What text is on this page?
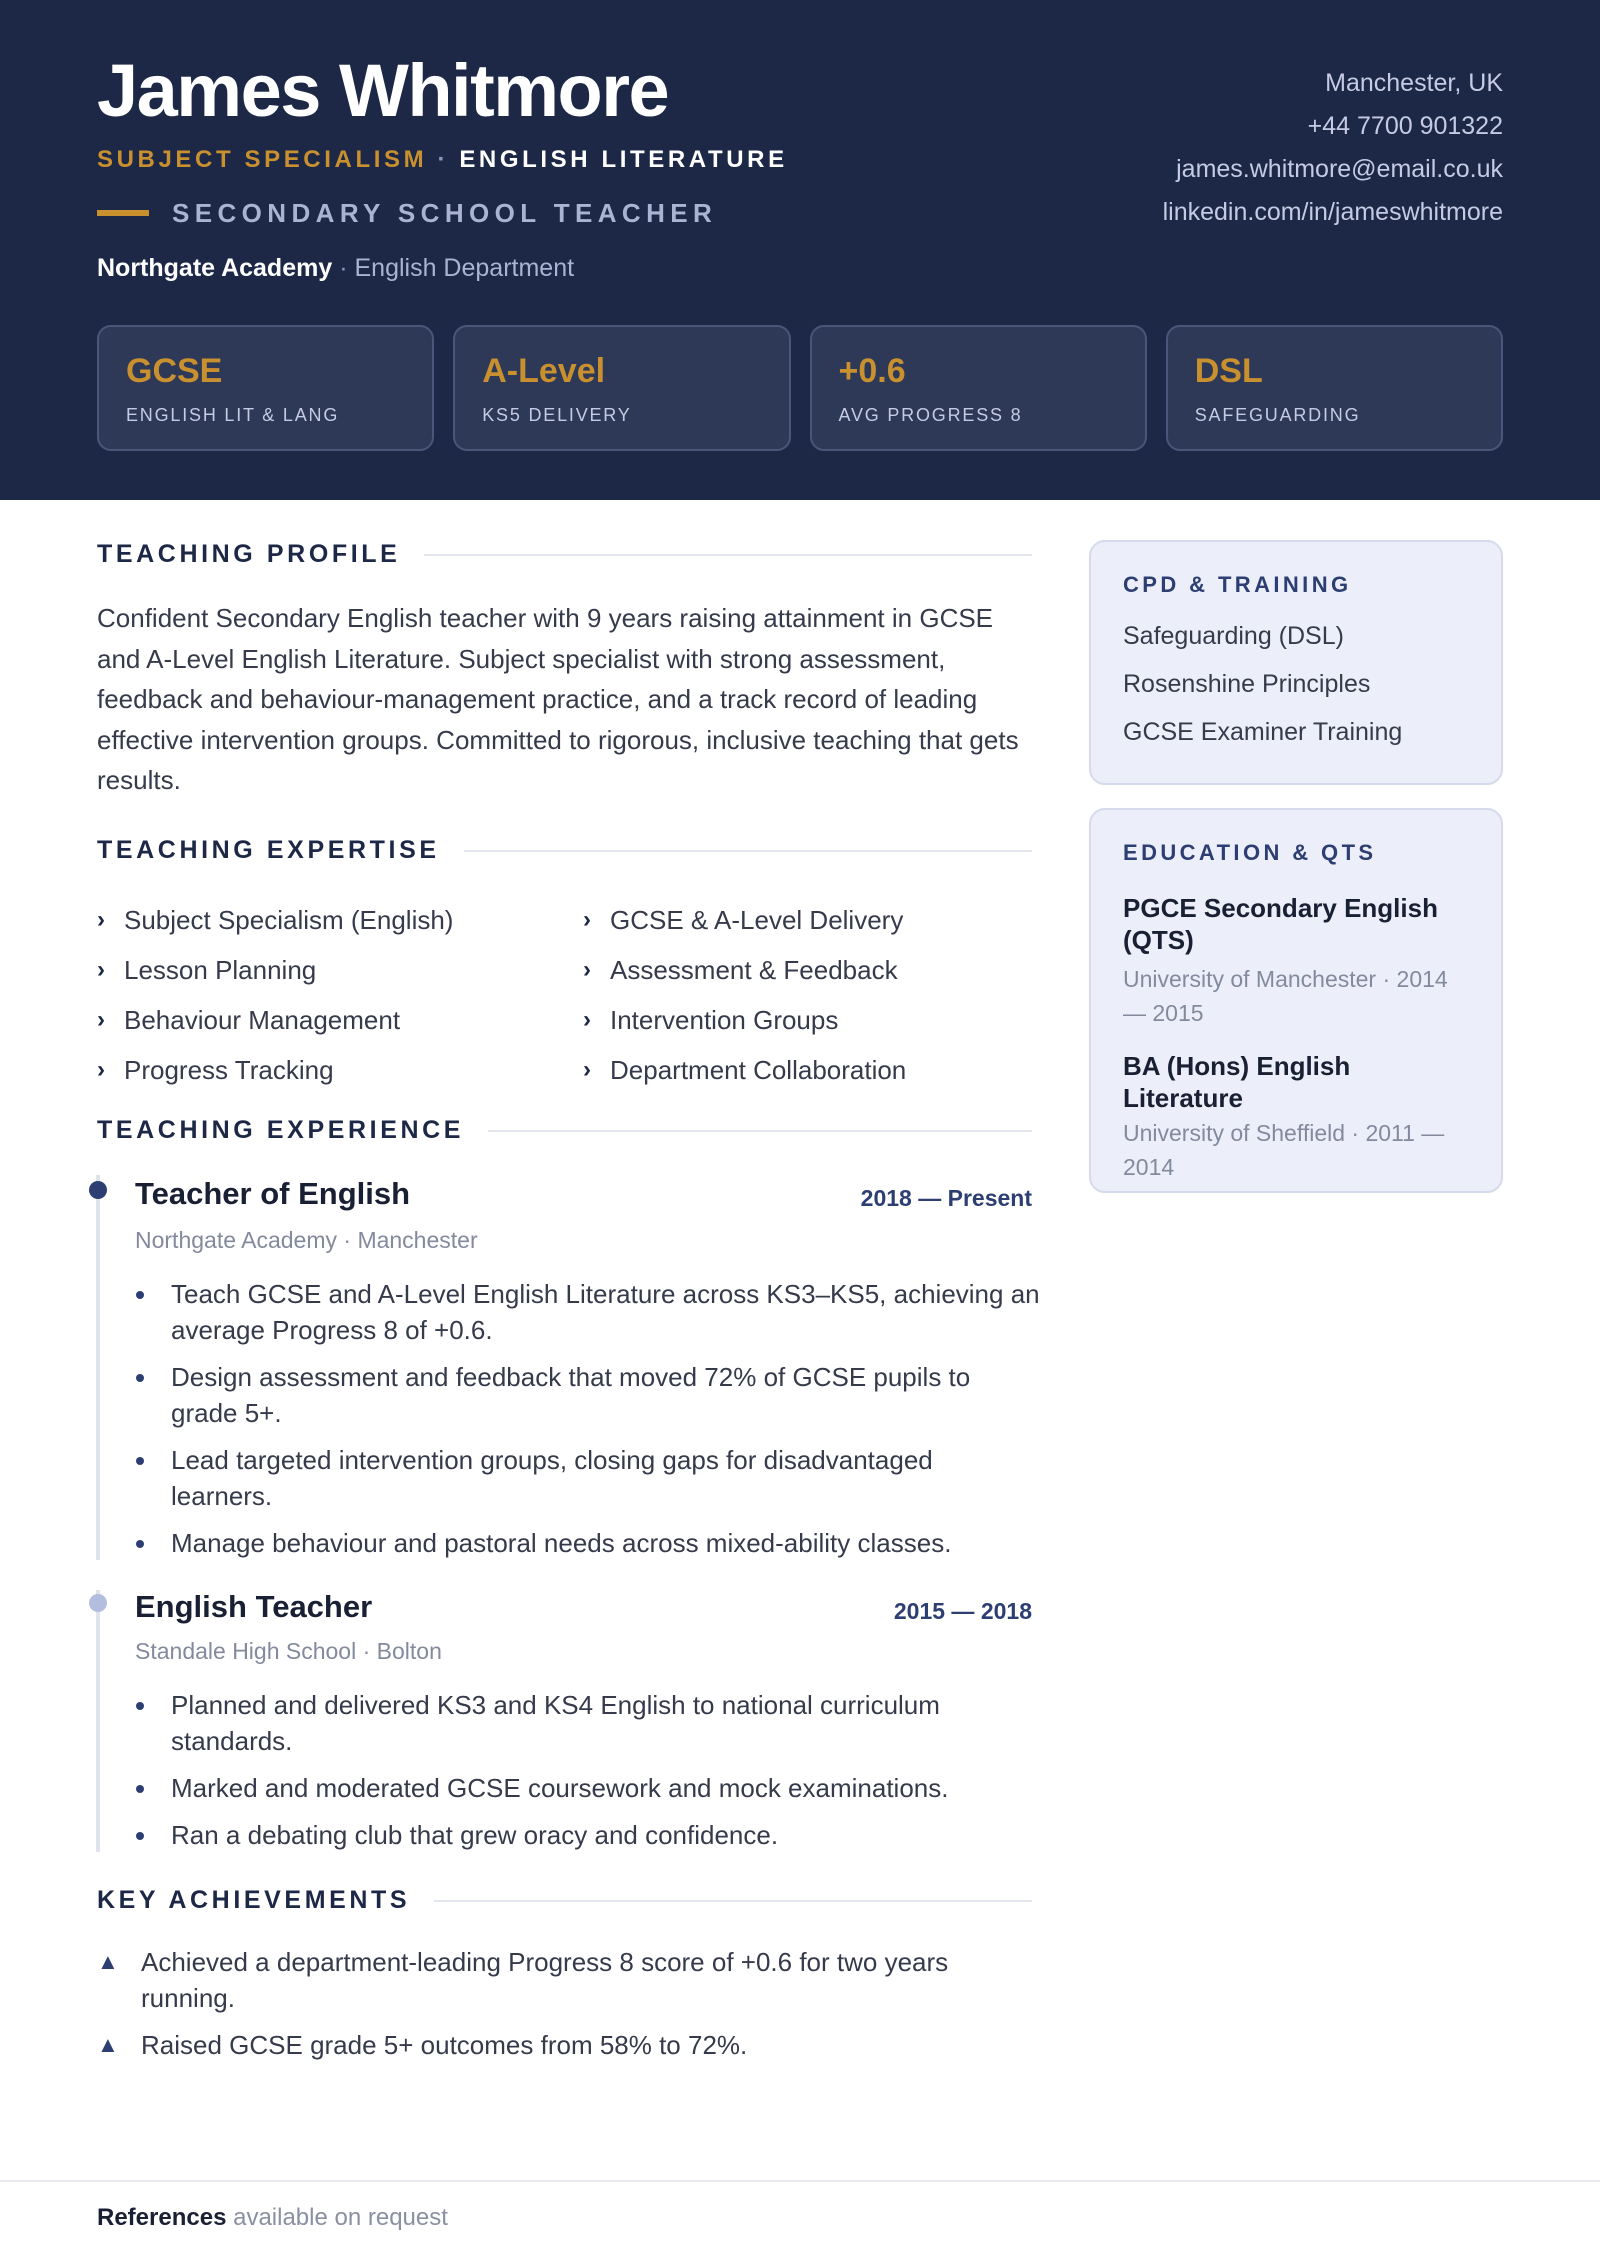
James Whitmore
SUBJECT SPECIALISM · ENGLISH LITERATURE
SECONDARY SCHOOL TEACHER
Northgate Academy · English Department
Manchester, UK
+44 7700 901322
james.whitmore@email.co.uk
linkedin.com/in/jameswhitmore
GCSE
ENGLISH LIT & LANG
A-Level
KS5 DELIVERY
+0.6
AVG PROGRESS 8
DSL
SAFEGUARDING
TEACHING PROFILE

Confident Secondary English teacher with 9 years raising attainment in GCSE and A-Level English Literature. Subject specialist with strong assessment, feedback and behaviour-management practice, and a track record of leading effective intervention groups. Committed to rigorous, inclusive teaching that gets results.

TEACHING EXPERTISE
› Subject Specialism (English)	› GCSE & A-Level Delivery
› Lesson Planning	› Assessment & Feedback
› Behaviour Management	› Intervention Groups
› Progress Tracking	› Department Collaboration
TEACHING EXPERIENCE
Teacher of English	2018 — Present
Northgate Academy · Manchester
Teach GCSE and A-Level English Literature across KS3–KS5, achieving an average Progress 8 of +0.6.
Design assessment and feedback that moved 72% of GCSE pupils to grade 5+.
Lead targeted intervention groups, closing gaps for disadvantaged learners.
Manage behaviour and pastoral needs across mixed-ability classes.
English Teacher	2015 — 2018
Standale High School · Bolton
Planned and delivered KS3 and KS4 English to national curriculum standards.
Marked and moderated GCSE coursework and mock examinations.
Ran a debating club that grew oracy and confidence.
KEY ACHIEVEMENTS
▲ Achieved a department-leading Progress 8 score of +0.6 for two years running.
▲ Raised GCSE grade 5+ outcomes from 58% to 72%.
CPD & TRAINING
Safeguarding (DSL)
Rosenshine Principles
GCSE Examiner Training
EDUCATION & QTS
PGCE Secondary English (QTS)
University of Manchester · 2014 — 2015
BA (Hons) English Literature
University of Sheffield · 2011 — 2014
References available on request
